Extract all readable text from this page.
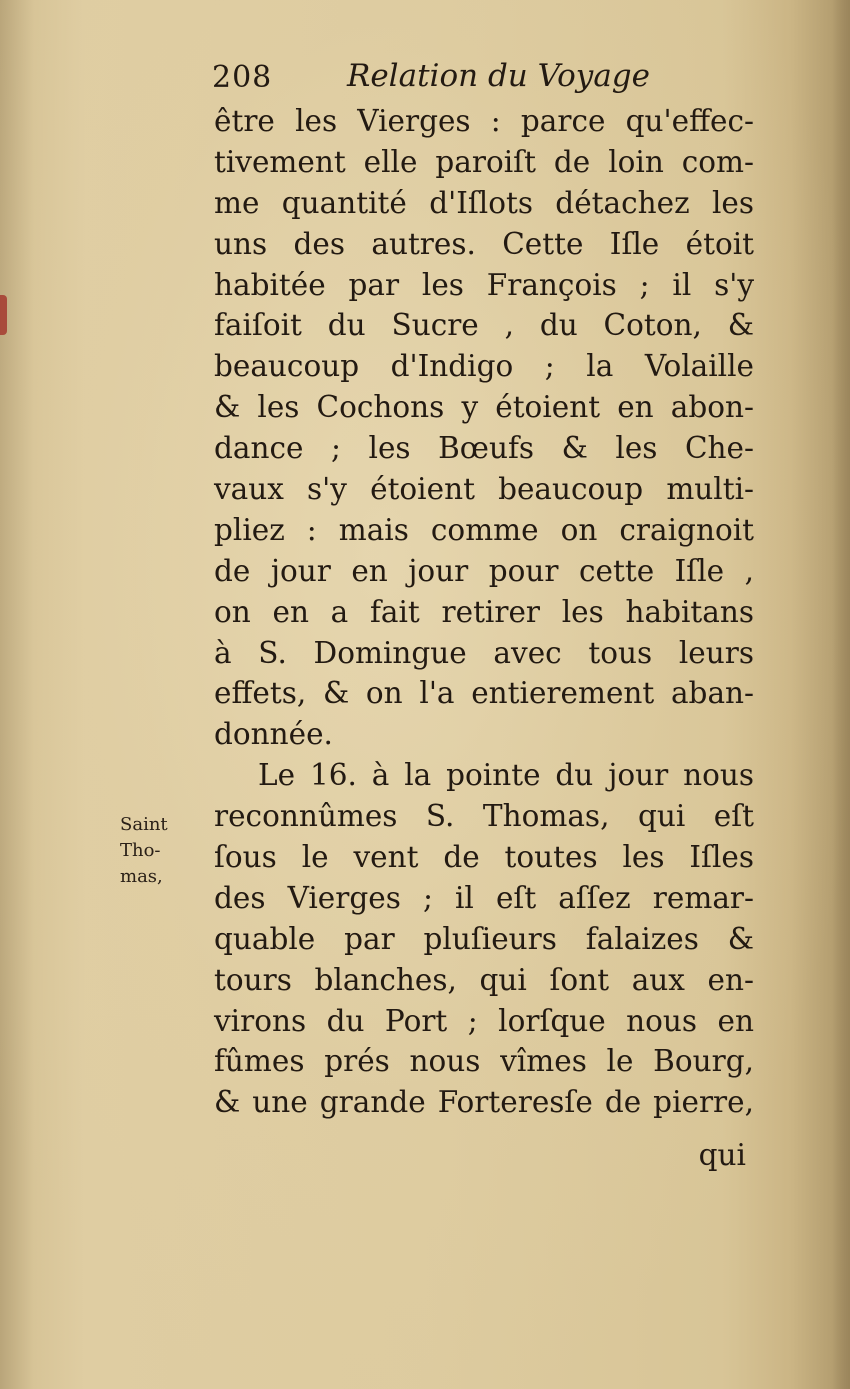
208 Relation du Voyage
Saint
Tho-
mas,
être les Vierges : parce qu'effec-
tivement elle paroiſt de loin com-
me quantité d'Iſlots détachez les
uns des autres. Cette Iſle étoit
habitée par les François ; il s'y
faiſoit du Sucre , du Coton, &
beaucoup d'Indigo ; la Volaille
& les Cochons y étoient en abon-
dance ; les Bœufs & les Che-
vaux s'y étoient beaucoup multi-
pliez : mais comme on craignoit
de jour en jour pour cette Iſle ,
on en a fait retirer les habitans
à S. Domingue avec tous leurs
effets, & on l'a entierement aban-
donnée.
Le 16. à la pointe du jour nous
reconnûmes S. Thomas, qui eſt
ſous le vent de toutes les Iſles
des Vierges ; il eſt aſſez remar-
quable par pluſieurs falaizes &
tours blanches, qui ſont aux en-
virons du Port ; lorſque nous en
fûmes prés nous vîmes le Bourg,
& une grande Forteresſe de pierre,
qui
